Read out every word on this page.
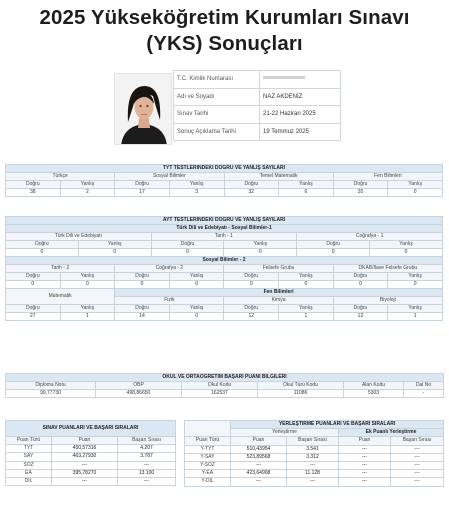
2025 Yükseköğretim Kurumları Sınavı
(YKS) Sonuçları
T.C. Kimlik Numarası	
Adı ve Soyadı	NAZ AKDENİZ
Sınav Tarihi	21-22 Haziran 2025
Sonuç Açıklama Tarihi	19 Temmuz 2025
TYT TESTLERİNDEKİ DOĞRU VE YANLIŞ SAYILARI							
Türkçe		Sosyal Bilimler		Temel Matematik		Fen Bilimleri	
Doğru	Yanlış	Doğru	Yanlış	Doğru	Yanlış	Doğru	Yanlış
38	2	17	3	32	6	20	0
AYT TESTLERİNDEKİ DOĞRU VE YANLIŞ SAYILARI											
Türk Dili ve Edebiyatı - Sosyal Bilimler-1											
Türk Dili ve Edebiyatı				Tarih - 1				Coğrafya - 1			
Doğru		Yanlış		Doğru		Yanlış		Doğru		Yanlış	
0		0		0		0		0		0	
Sosyal Bilimler - 2											
Tarih - 2			Coğrafya - 2			Felsefe Grubu			DKAB/İlave Felsefe Grubu		
Doğru	Yanlış		Doğru		Yanlış	Doğru	Yanlış		Doğru		Yanlış
0	0		0		0	0	0		0		0
Matematik			Fen Bilimleri								
			Fizik			Kimya			Biyoloji		
Doğru	Yanlış		Doğru		Yanlış	Doğru	Yanlış		Doğru		Yanlış
27	1		14		0	12	1		12		1
OKUL VE ORTAÖĞRETİM BAŞARI PUANI BİLGİLERİ					
Diploma Notu	OBP	Okul Kodu	Okul Türü Kodu	Alan Kodu	Dal No
99,77730	498,86650	162537	11086	5303	-
SINAV PUANLARI VE BAŞARI SIRALARI		

Puan Türü	Puan	Başarı Sırası
TYT	450,57316	4.207
SAY	463,27930	3.787
SÖZ	---	---
EA	395,78270	13.100
DİL	---	---
	YERLEŞTİRME PUANLARI VE BAŞARI SIRALARI			
	Yerleştirme		Ek Puanlı Yerleştirme	
Puan Türü	Puan	Başarı Sırası	Puan	Başarı Sırası
Y-TYT	510,43954	3.541	---	---
Y-SAY	523,89568	3.312	---	---
Y-SÖZ	---	---	---	---
Y-EA	423,64908	11.128	---	---
Y-DİL	---	---	---	---
